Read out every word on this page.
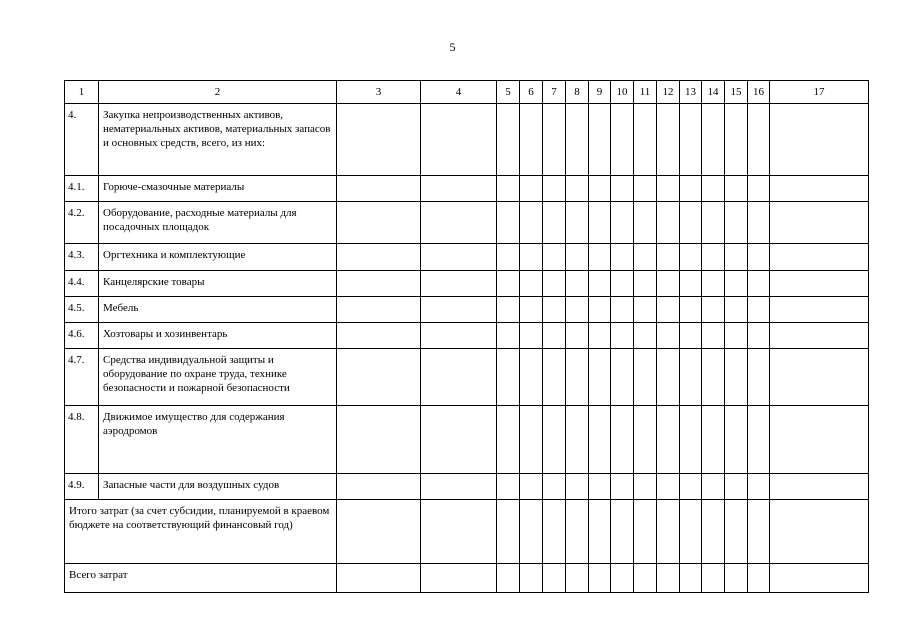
5
1	2	3	4	5	6	7	8	9	10	11	12	13	14	15	16	17
4.	Закупка непроизводственных активов, нематериальных активов, материальных запасов и основных средств, всего, из них:															
4.1.	Горюче-смазочные материалы															
4.2.	Оборудование, расходные материалы для посадочных площадок															
4.3.	Оргтехника и комплектующие															
4.4.	Канцелярские товары															
4.5.	Мебель															
4.6.	Хозтовары и хозинвентарь															
4.7.	Средства индивидуальной защиты и оборудование по охране труда, технике безопасности и пожарной безопасности															
4.8.	Движимое имущество для содержания аэродромов															
4.9.	Запасные части для воздушных судов															
Итого затрат (за счет субсидии, планируемой в краевом бюджете на соответствующий финансовый год)																
Всего затрат																
